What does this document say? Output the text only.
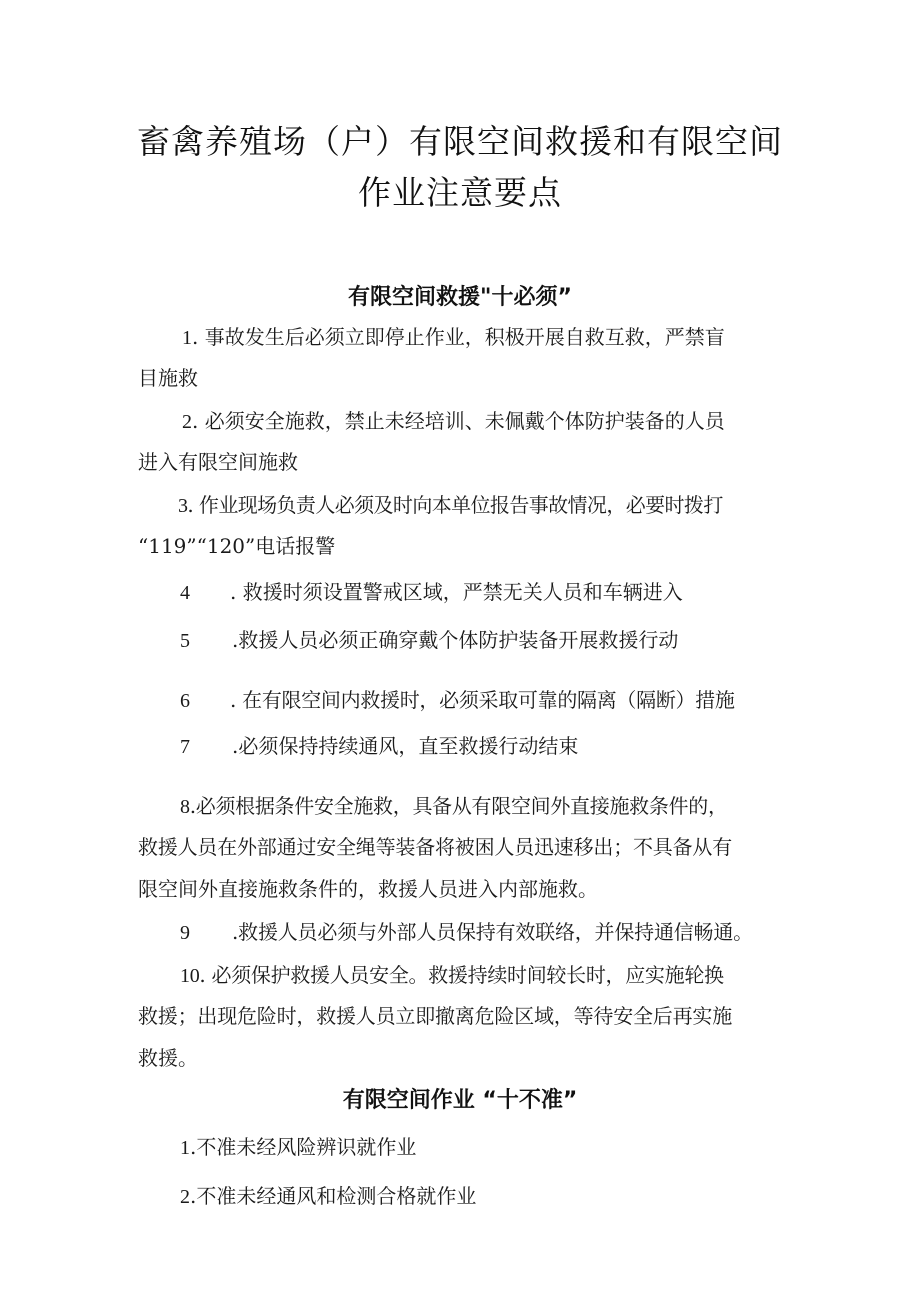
畜禽养殖场（户）有限空间救援和有限空间
作业注意要点
有限空间救援"十必须”

1. 事故发生后必须立即停止作业，积极开展自救互救，严禁盲

目施救

2. 必须安全施救，禁止未经培训、未佩戴个体防护装备的人员

进入有限空间施救

3. 作业现场负责人必须及时向本单位报告事故情况，必要时拨打

“119”“120”电话报警

4 . 救援时须设置警戒区域，严禁无关人员和车辆进入

5 .救援人员必须正确穿戴个体防护装备开展救援行动

6 . 在有限空间内救援时，必须采取可靠的隔离（隔断）措施

7 .必须保持持续通风，直至救援行动结束

8.必须根据条件安全施救，具备从有限空间外直接施救条件的，

救援人员在外部通过安全绳等装备将被困人员迅速移出；不具备从有

限空间外直接施救条件的，救援人员进入内部施救。

9 .救援人员必须与外部人员保持有效联络，并保持通信畅通。

10. 必须保护救援人员安全。救援持续时间较长时，应实施轮换

救援；出现危险时，救援人员立即撤离危险区域，等待安全后再实施

救援。

有限空间作业 “十不准”

1.不准未经风险辨识就作业

2.不准未经通风和检测合格就作业
